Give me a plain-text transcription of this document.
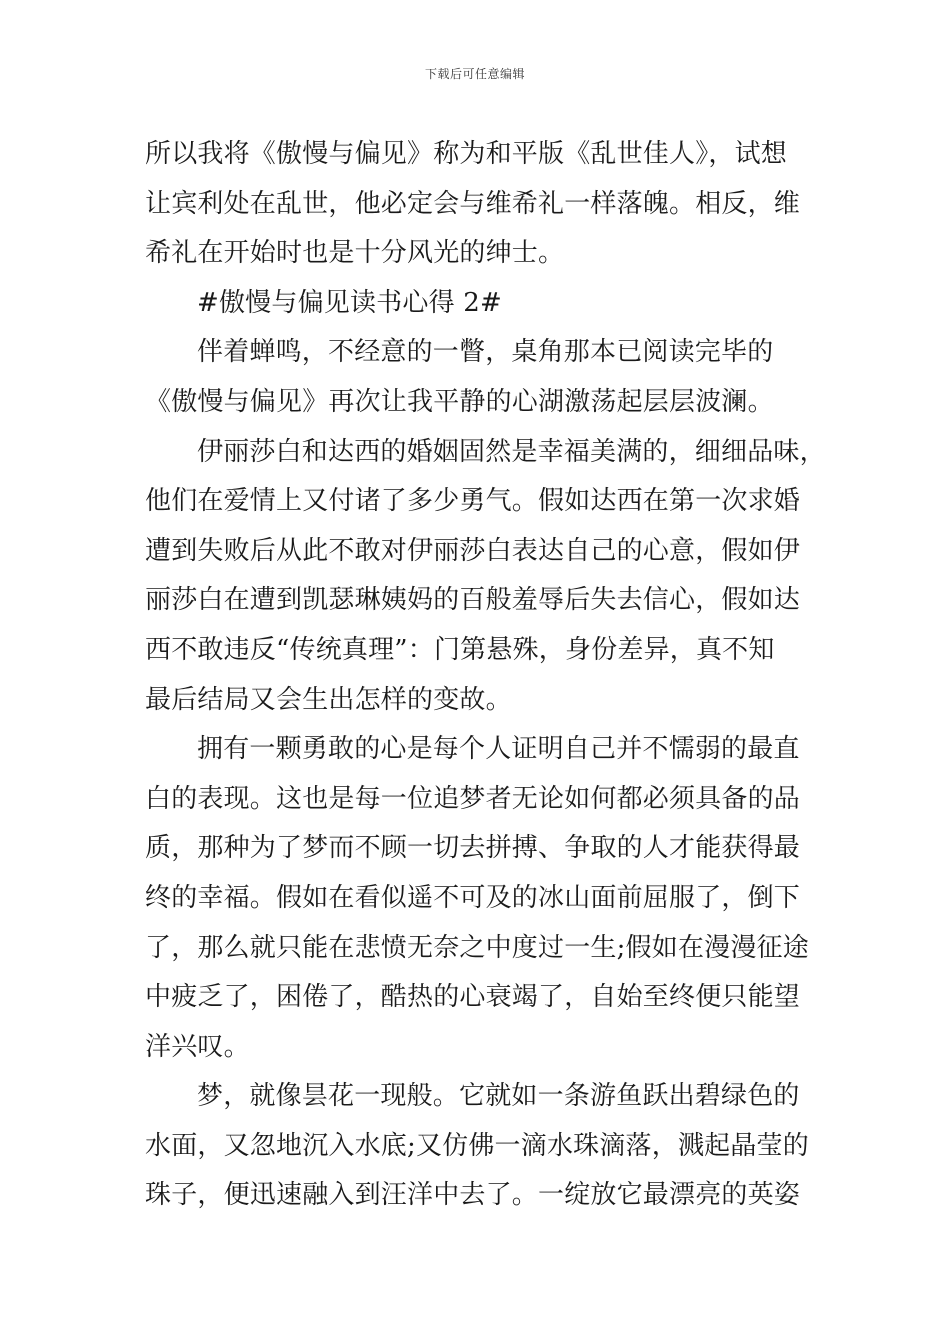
下载后可任意编辑
所以我将《傲慢与偏见》称为和平版《乱世佳人》，试想
让宾利处在乱世，他必定会与维希礼一样落魄。相反，维
希礼在开始时也是十分风光的绅士。
#傲慢与偏见读书心得 2#
伴着蝉鸣，不经意的一瞥，桌角那本已阅读完毕的
《傲慢与偏见》再次让我平静的心湖激荡起层层波澜。
伊丽莎白和达西的婚姻固然是幸福美满的，细细品味，
他们在爱情上又付诸了多少勇气。假如达西在第一次求婚
遭到失败后从此不敢对伊丽莎白表达自己的心意，假如伊
丽莎白在遭到凯瑟琳姨妈的百般羞辱后失去信心，假如达
西不敢违反“传统真理”：门第悬殊，身份差异，真不知
最后结局又会生出怎样的变故。
拥有一颗勇敢的心是每个人证明自己并不懦弱的最直
白的表现。这也是每一位追梦者无论如何都必须具备的品
质，那种为了梦而不顾一切去拼搏、争取的人才能获得最
终的幸福。假如在看似遥不可及的冰山面前屈服了，倒下
了，那么就只能在悲愤无奈之中度过一生;假如在漫漫征途
中疲乏了，困倦了，酷热的心衰竭了，自始至终便只能望
洋兴叹。
梦，就像昙花一现般。它就如一条游鱼跃出碧绿色的
水面，又忽地沉入水底;又仿佛一滴水珠滴落，溅起晶莹的
珠子，便迅速融入到汪洋中去了。一绽放它最漂亮的英姿
